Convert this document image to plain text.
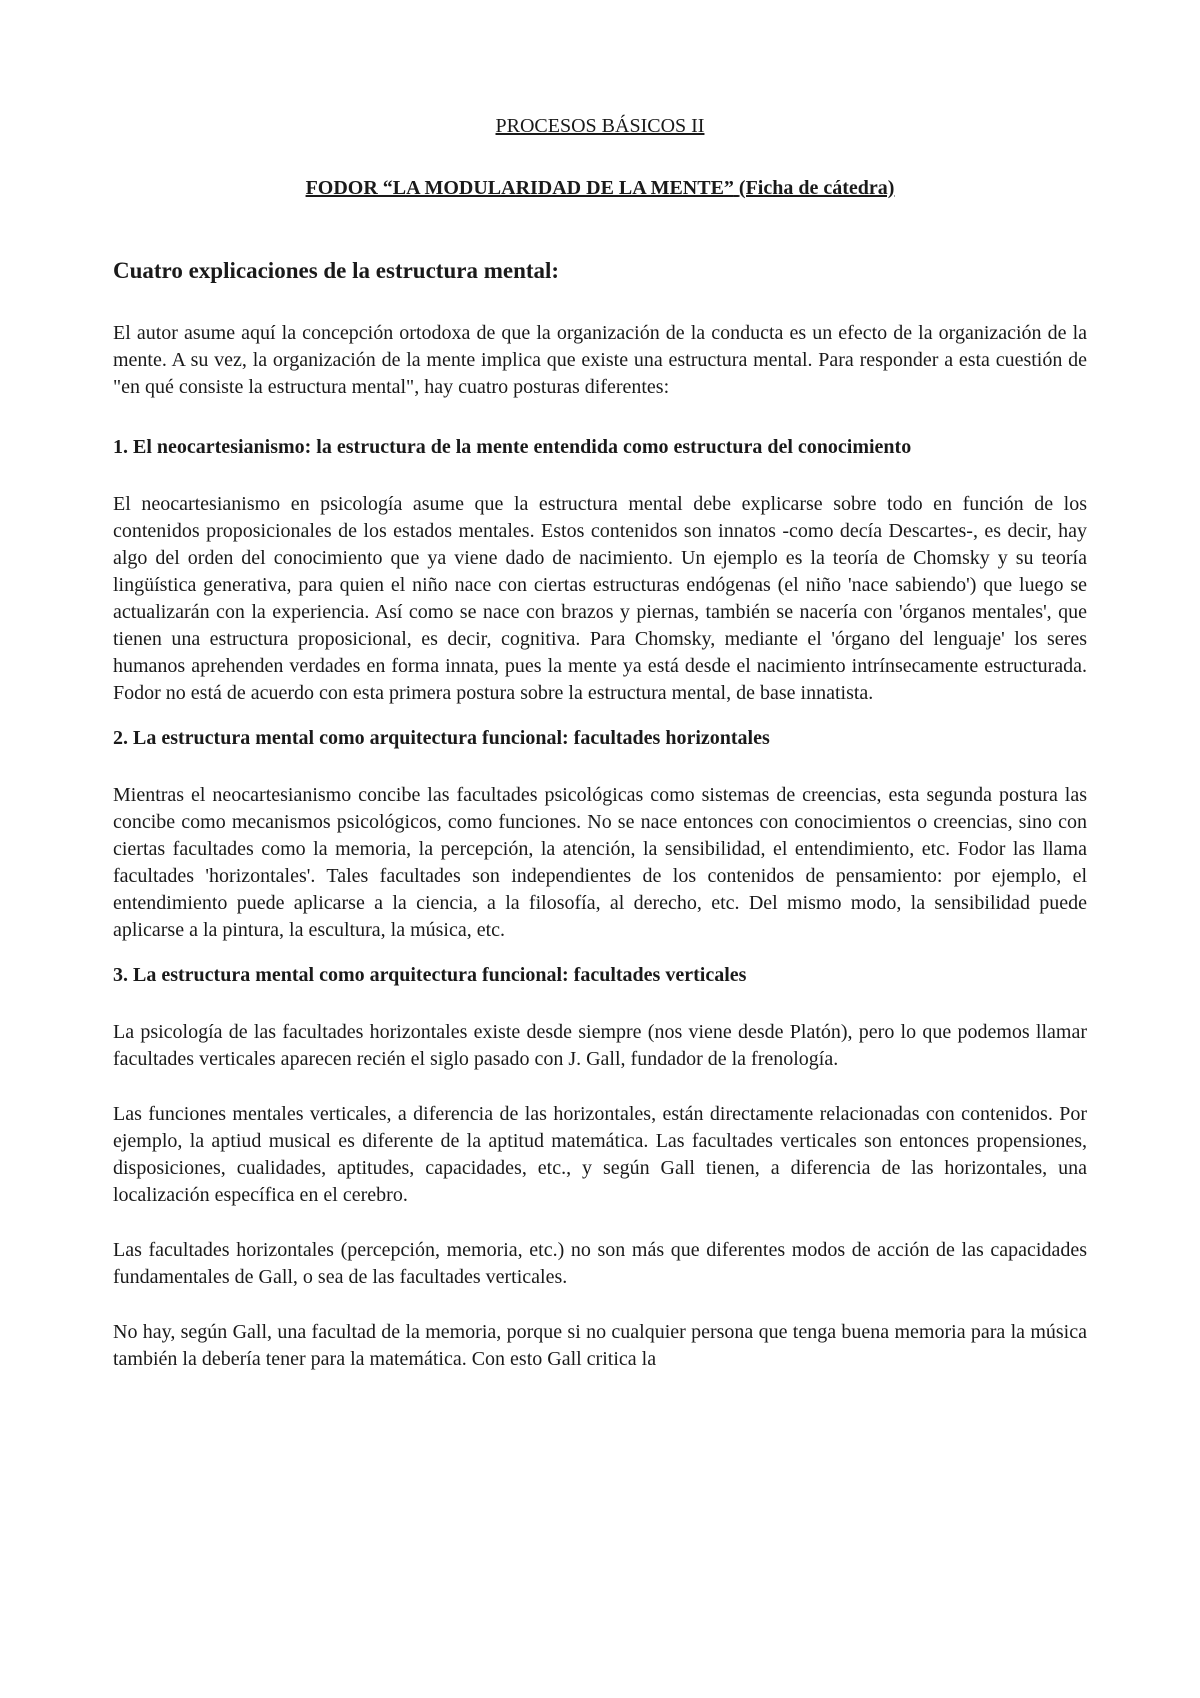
PROCESOS BÁSICOS II
FODOR “LA MODULARIDAD DE LA MENTE” (Ficha de cátedra)
Cuatro explicaciones de la estructura mental:

El autor asume aquí la concepción ortodoxa de que la organización de la conducta es un efecto de la organización de la mente. A su vez, la organización de la mente implica que existe una estructura mental. Para responder a esta cuestión de "en qué consiste la estructura mental", hay cuatro posturas diferentes:

1. El neocartesianismo: la estructura de la mente entendida como estructura del conocimiento

El neocartesianismo en psicología asume que la estructura mental debe explicarse sobre todo en función de los contenidos proposicionales de los estados mentales. Estos contenidos son innatos -como decía Descartes-, es decir, hay algo del orden del conocimiento que ya viene dado de nacimiento. Un ejemplo es la teoría de Chomsky y su teoría lingüística generativa, para quien el niño nace con ciertas estructuras endógenas (el niño 'nace sabiendo') que luego se actualizarán con la experiencia. Así como se nace con brazos y piernas, también se nacería con 'órganos mentales', que tienen una estructura proposicional, es decir, cognitiva. Para Chomsky, mediante el 'órgano del lenguaje' los seres humanos aprehenden verdades en forma innata, pues la mente ya está desde el nacimiento intrínsecamente estructurada. Fodor no está de acuerdo con esta primera postura sobre la estructura mental, de base innatista.

2. La estructura mental como arquitectura funcional: facultades horizontales

Mientras el neocartesianismo concibe las facultades psicológicas como sistemas de creencias, esta segunda postura las concibe como mecanismos psicológicos, como funciones. No se nace entonces con conocimientos o creencias, sino con ciertas facultades como la memoria, la percepción, la atención, la sensibilidad, el entendimiento, etc. Fodor las llama facultades 'horizontales'. Tales facultades son independientes de los contenidos de pensamiento: por ejemplo, el entendimiento puede aplicarse a la ciencia, a la filosofía, al derecho, etc. Del mismo modo, la sensibilidad puede aplicarse a la pintura, la escultura, la música, etc.

3. La estructura mental como arquitectura funcional: facultades verticales

La psicología de las facultades horizontales existe desde siempre (nos viene desde Platón), pero lo que podemos llamar facultades verticales aparecen recién el siglo pasado con J. Gall, fundador de la frenología.

Las funciones mentales verticales, a diferencia de las horizontales, están directamente relacionadas con contenidos. Por ejemplo, la aptiud musical es diferente de la aptitud matemática. Las facultades verticales son entonces propensiones, disposiciones, cualidades, aptitudes, capacidades, etc., y según Gall tienen, a diferencia de las horizontales, una localización específica en el cerebro.

Las facultades horizontales (percepción, memoria, etc.) no son más que diferentes modos de acción de las capacidades fundamentales de Gall, o sea de las facultades verticales.

No hay, según Gall, una facultad de la memoria, porque si no cualquier persona que tenga buena memoria para la música también la debería tener para la matemática. Con esto Gall critica la
